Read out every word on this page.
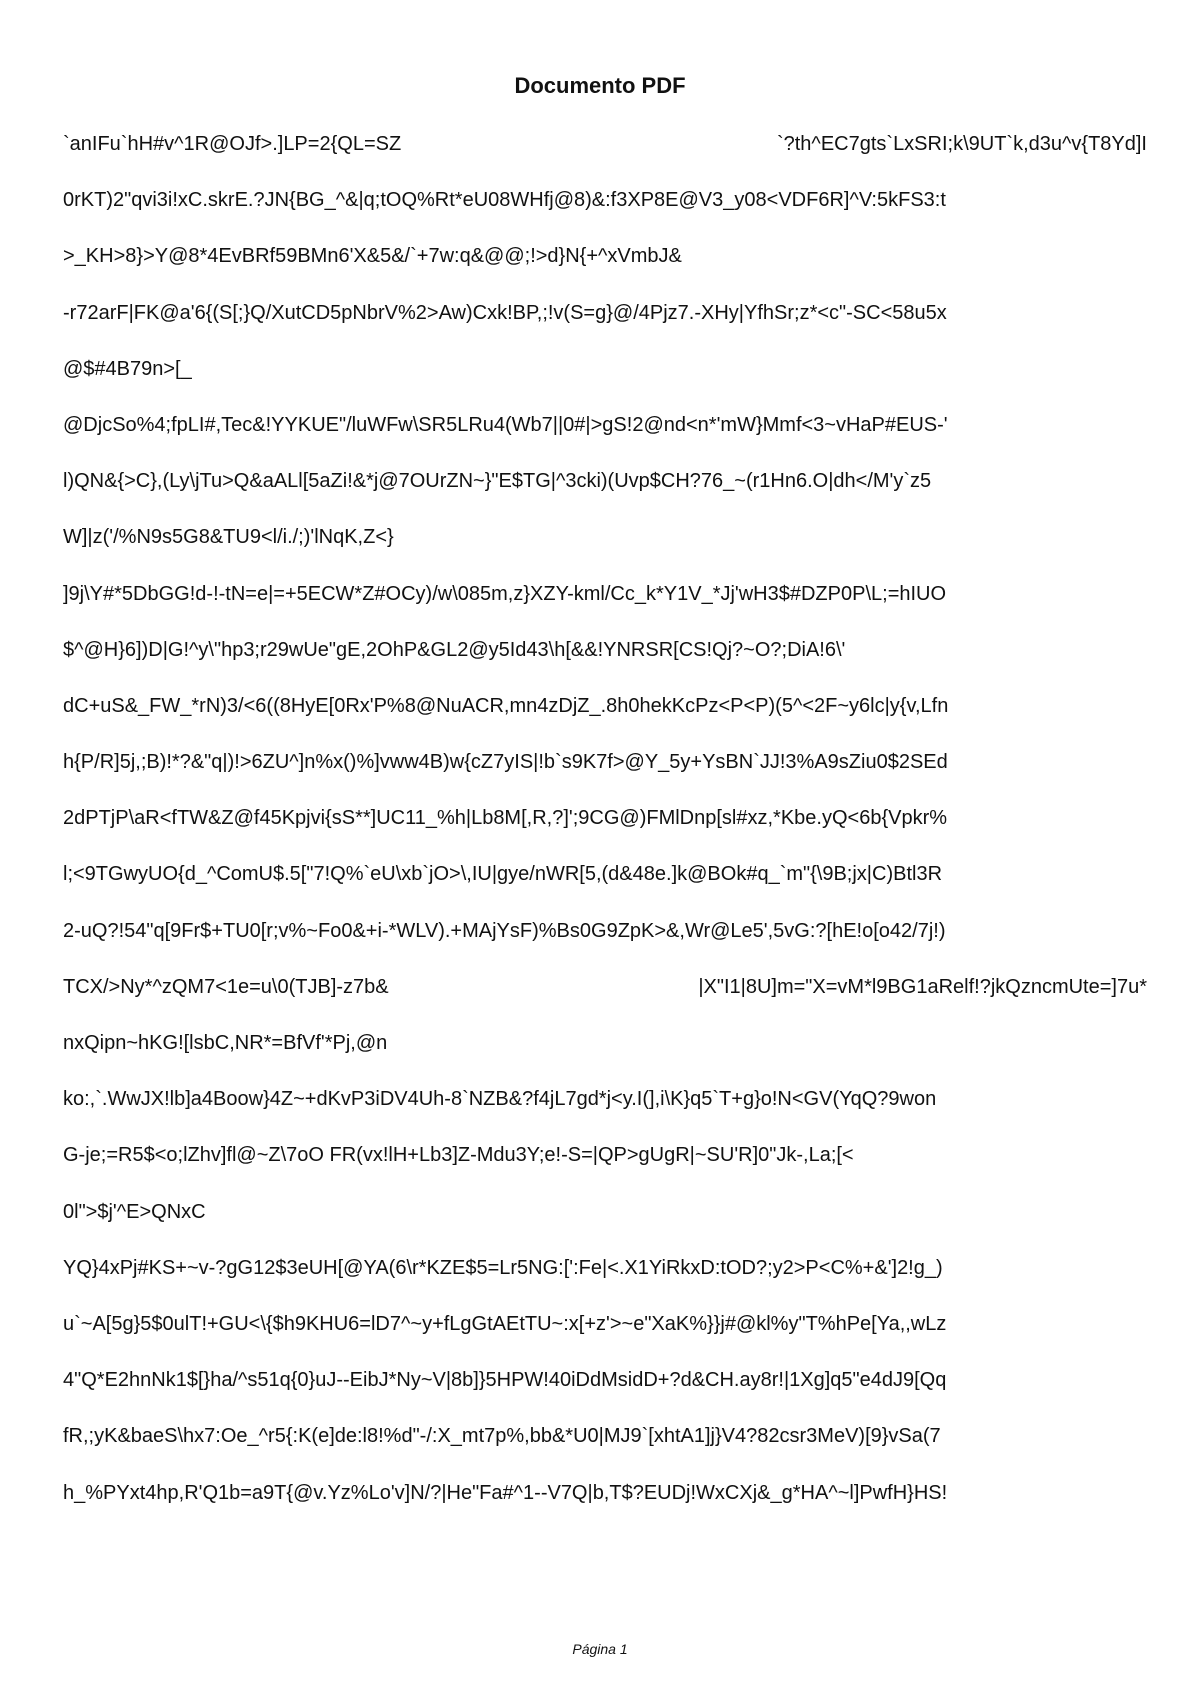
Documento PDF
`anIFu`hH#v^1R@OJf>.]LP=2{QL=SZ	`?th^EC7gts`LxSRI;k\9UT`k,d3u^v{T8Yd]I
0rKT)2"qvi3i!xC.skrE.?JN{BG_^&|q;tOQ%Rt*eU08WHfj@8)&:f3XP8E@V3_y08<VDF6R]^V:5kFS3:t
>_KH>8}>Y@8*4EvBRf59BMn6'X&5&/`+7w:q&@@;!>d}N{+^xVmbJ&
-r72arF|FK@a'6{(S[;}Q/XutCD5pNbrV%2>Aw)Cxk!BP,;!v(S=g}@/4Pjz7.-XHy|YfhSr;z*<c"-SC<58u5x
@$#4B79n>[_
@DjcSo%4;fpLI#,Tec&!YYKUE"/luWFw\SR5LRu4(Wb7||0#|>gS!2@nd<n*'mW}Mmf<3~vHaP#EUS-'
l)QN&{>C},(Ly\jTu>Q&aALl[5aZi!&*j@7OUrZN~}"E$TG|^3cki)(Uvp$CH?76_~(r1Hn6.O|dh</M'y`z5
W]|z('/%N9s5G8&TU9<l/i./;)'lNqK,Z<}
]9j\Y#*5DbGG!d-!-tN=e|=+5ECW*Z#OCy)/w\085m,z}XZY-kml/Cc_k*Y1V_*Jj'wH3$#DZP0P\L;=hIUO
$^@H}6])D|G!^y\"hp3;r29wUe"gE,2OhP&GL2@y5Id43\h[&&!YNRSR[CS!Qj?~O?;DiA!6\'
dC+uS&_FW_*rN)3/<6((8HyE[0Rx'P%8@NuACR,mn4zDjZ_.8h0hekKcPz<P<P)(5^<2F~y6lc|y{v,Lfn
h{P/R]5j,;B)!*?&"q|)!>6ZU^]n%x()%]vww4B)w{cZ7yIS|!b`s9K7f>@Y_5y+YsBN`JJ!3%A9sZiu0$2SEd
2dPTjP\aR<fTW&Z@f45Kpjvi{sS**]UC11_%h|Lb8M[,R,?]';9CG@)FMlDnp[sl#xz,*Kbe.yQ<6b{Vpkr%
l;<9TGwyUO{d_^ComU$.5["7!Q%`eU\xb`jO>\,IU|gye/nWR[5,(d&48e.]k@BOk#q_`m"{\9B;jx|C)Btl3R
2-uQ?!54"q[9Fr$+TU0[r;v%~Fo0&+i-*WLV).+MAjYsF)%Bs0G9ZpK>&,Wr@Le5',5vG:?[hE!o[o42/7j!)
TCX/>Ny*^zQM7<1e=u\0(TJB]-z7b&	|X"I1|8U]m="X=vM*l9BG1aRelf!?jkQzncmUte=]7u*
nxQipn~hKG![lsbC,NR*=BfVf'*Pj,@n
ko:,`.WwJX!lb]a4Boow}4Z~+dKvP3iDV4Uh-8`NZB&?f4jL7gd*j<y.I(],i\K}q5`T+g}o!N<GV(YqQ?9won
G-je;=R5$<o;lZhv]fl@~Z\7oO FR(vx!lH+Lb3]Z-Mdu3Y;e!-S=|QP>gUgR|~SU'R]0"Jk-,La;[<
0l">$j'^E>QNxC
YQ}4xPj#KS+~v-?gG12$3eUH[@YA(6\r*KZE$5=Lr5NG:[':Fe|<.X1YiRkxD:tOD?;y2>P<C%+&']2!g_)
u`~A[5g}5$0ulT!+GU<\{$h9KHU6=lD7^~y+fLgGtAEtTU~:x[+z'>~e"XaK%}}j#@kl%y"T%hPe[Ya,,wLz
4"Q*E2hnNk1$[}ha/^s51q{0}uJ--EibJ*Ny~V|8b]}5HPW!40iDdMsidD+?d&CH.ay8r!|1Xg]q5"e4dJ9[Qq
fR,;yK&baeS\hx7:Oe_^r5{:K(e]de:l8!%d"-/:X_mt7p%,bb&*U0|MJ9`[xhtA1]j}V4?82csr3MeV)[9}vSa(7
h_%PYxt4hp,R'Q1b=a9T{@v.Yz%Lo'v]N/?|He"Fa#^1--V7Q|b,T$?EUDj!WxCXj&_g*HA^~l]PwfH}HS!
Página 1
